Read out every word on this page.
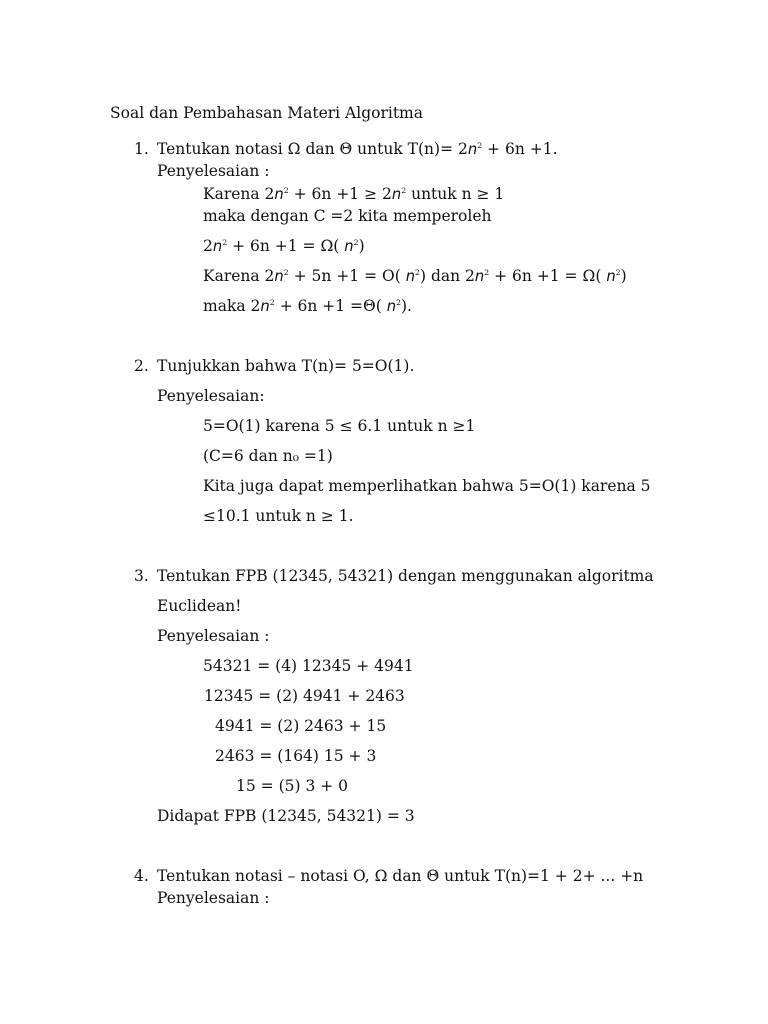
Soal dan Pembahasan Materi Algoritma
1. Tentukan notasi Ω dan Θ untuk $T(n)= 2n^2 + 6n +1$.
Penyelesaian :
Karena $2n^2 + 6n +1 \ge 2n^2$ untuk n ≥ 1
maka dengan C =2 kita memperoleh
$2n^2 + 6n +1 = \Omega$( $n^2$)
Karena $2n^2 + 5n +1 = O$( $n^2$) dan $2n^2 + 6n +1 = \Omega$( $n^2$)
maka $2n^2 + 6n +1 =\Theta$( $n^2$).
2. Tunjukkan bahwa T(n)= 5=O(1).
Penyelesaian:
5=O(1) karena 5 ≤ 6.1 untuk n ≥1
(C=6 dan n₀ =1)
Kita juga dapat memperlihatkan bahwa 5=O(1) karena 5
≤10.1 untuk n ≥ 1.
3. Tentukan FPB (12345, 54321) dengan menggunakan algoritma
Euclidean!
Penyelesaian :
54321 = (4) 12345 + 4941
12345 = (2) 4941 + 2463
4941 = (2) 2463 + 15
2463 = (164) 15 + 3
15 = (5) 3 + 0
Didapat FPB (12345, 54321) = 3
4. Tentukan notasi – notasi O, Ω dan Θ untuk T(n)=1 + 2+ ... +n
Penyelesaian :
